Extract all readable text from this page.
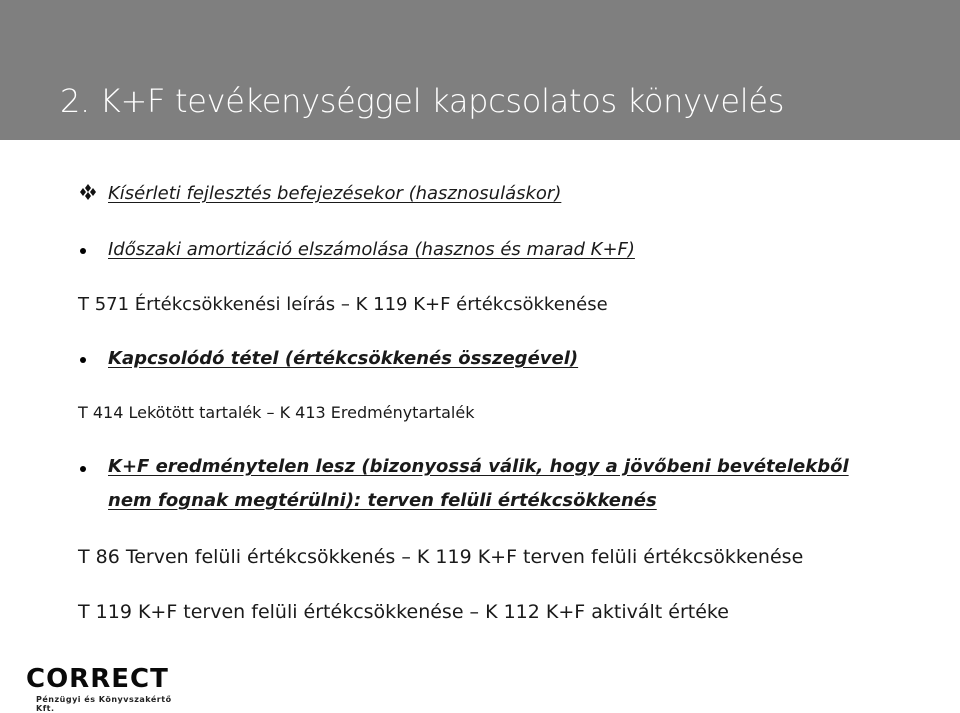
2. K+F tevékenységgel kapcsolatos könyvelés
Kísérleti fejlesztés befejezésekor (hasznosuláskor)
Időszaki amortizáció elszámolása (hasznos és marad K+F)
T 571 Értékcsökkenési leírás – K 119 K+F értékcsökkenése
Kapcsolódó tétel (értékcsökkenés összegével)
T 414 Lekötött tartalék – K 413 Eredménytartalék
K+F eredménytelen lesz (bizonyossá válik, hogy a jövőbeni bevételekből
nem fognak megtérülni): terven felüli értékcsökkenés
T 86 Terven felüli értékcsökkenés – K 119 K+F terven felüli értékcsökkenése
T 119 K+F terven felüli értékcsökkenése – K 112 K+F aktivált értéke
CORRECT
Pénzügyi és Könyvszakértő Kft.
